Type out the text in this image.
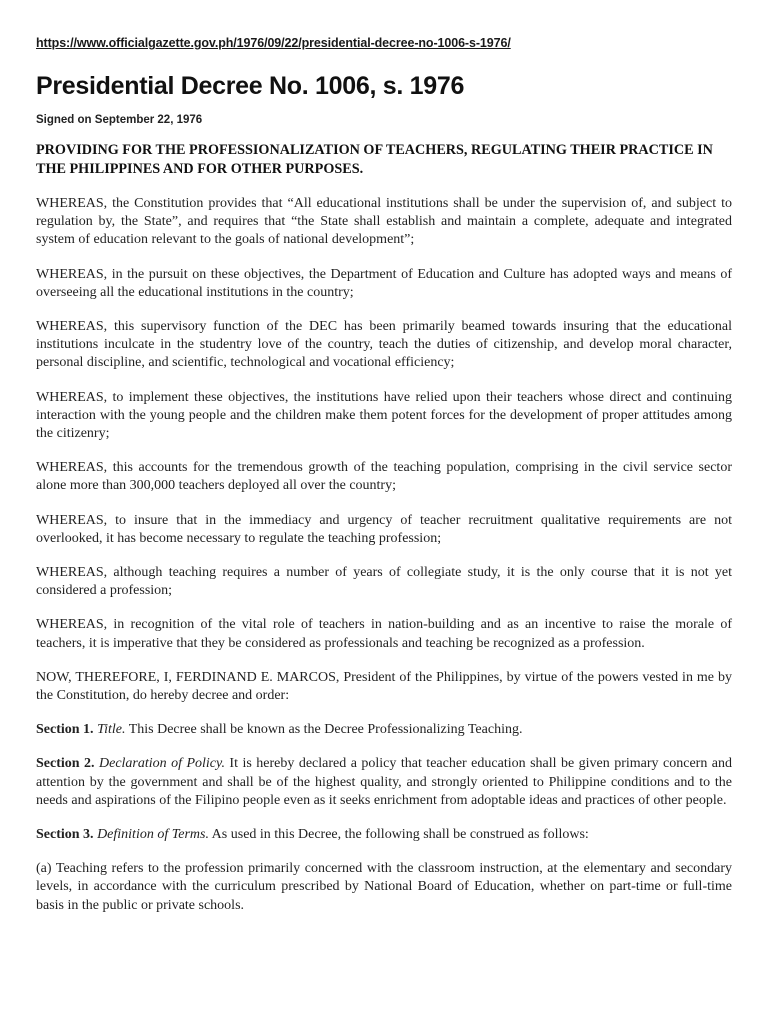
https://www.officialgazette.gov.ph/1976/09/22/presidential-decree-no-1006-s-1976/
Presidential Decree No. 1006, s. 1976
Signed on September 22, 1976
PROVIDING FOR THE PROFESSIONALIZATION OF TEACHERS, REGULATING THEIR PRACTICE IN THE PHILIPPINES AND FOR OTHER PURPOSES.

WHEREAS, the Constitution provides that “All educational institutions shall be under the supervision of, and subject to regulation by, the State”, and requires that “the State shall establish and maintain a complete, adequate and integrated system of education relevant to the goals of national development”;

WHEREAS, in the pursuit on these objectives, the Department of Education and Culture has adopted ways and means of overseeing all the educational institutions in the country;

WHEREAS, this supervisory function of the DEC has been primarily beamed towards insuring that the educational institutions inculcate in the studentry love of the country, teach the duties of citizenship, and develop moral character, personal discipline, and scientific, technological and vocational efficiency;

WHEREAS, to implement these objectives, the institutions have relied upon their teachers whose direct and continuing interaction with the young people and the children make them potent forces for the development of proper attitudes among the citizenry;

WHEREAS, this accounts for the tremendous growth of the teaching population, comprising in the civil service sector alone more than 300,000 teachers deployed all over the country;

WHEREAS, to insure that in the immediacy and urgency of teacher recruitment qualitative requirements are not overlooked, it has become necessary to regulate the teaching profession;

WHEREAS, although teaching requires a number of years of collegiate study, it is the only course that it is not yet considered a profession;

WHEREAS, in recognition of the vital role of teachers in nation-building and as an incentive to raise the morale of teachers, it is imperative that they be considered as professionals and teaching be recognized as a profession.

NOW, THEREFORE, I, FERDINAND E. MARCOS, President of the Philippines, by virtue of the powers vested in me by the Constitution, do hereby decree and order:

Section 1. Title. This Decree shall be known as the Decree Professionalizing Teaching.

Section 2. Declaration of Policy. It is hereby declared a policy that teacher education shall be given primary concern and attention by the government and shall be of the highest quality, and strongly oriented to Philippine conditions and to the needs and aspirations of the Filipino people even as it seeks enrichment from adoptable ideas and practices of other people.

Section 3. Definition of Terms. As used in this Decree, the following shall be construed as follows:

(a) Teaching refers to the profession primarily concerned with the classroom instruction, at the elementary and secondary levels, in accordance with the curriculum prescribed by National Board of Education, whether on part-time or full-time basis in the public or private schools.
